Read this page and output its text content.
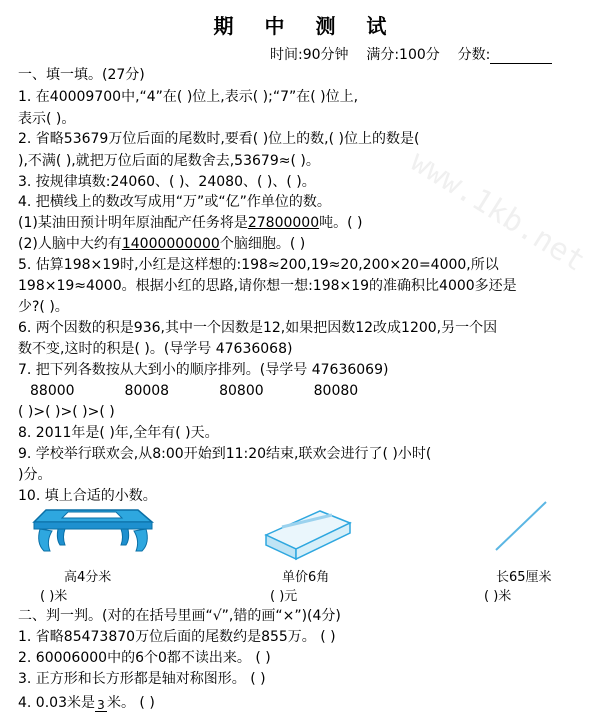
www.1kb.net
期 中 测 试
时间:90分钟 满分:100分 分数:
一、填一填。(27分)
1. 在40009700中,“4”在( )位上,表示( );“7”在( )位上,
表示( )。
2. 省略53679万位后面的尾数时,要看( )位上的数,( )位上的数是(
),不满( ),就把万位后面的尾数舍去,53679≈( )。
3. 按规律填数:24060、( )、24080、( )、( )。
4. 把横线上的数改写成用“万”或“亿”作单位的数。
(1)某油田预计明年原油配产任务将是27800000吨。( )
(2)人脑中大约有14000000000个脑细胞。( )
5. 估算198×19时,小红是这样想的:198≈200,19≈20,200×20=4000,所以
198×19≈4000。根据小红的思路,请你想一想:198×19的准确积比4000多还是
少?( )。
6. 两个因数的积是936,其中一个因数是12,如果把因数12改成1200,另一个因
数不变,这时的积是( )。(导学号 47636068)
7. 把下列各数按从大到小的顺序排列。(导学号 47636069)
88000	80008	80800	80080
( )>( )>( )>( )
8. 2011年是( )年,全年有( )天。
9. 学校举行联欢会,从8:00开始到11:20结束,联欢会进行了( )小时(
)分。
10. 填上合适的小数。
高4分米
( )米
单价6角
( )元
长65厘米
( )米
二、判一判。(对的在括号里画“√”,错的画“×”)(4分)
1. 省略85473870万位后面的尾数约是855万。 ( )
2. 60006000中的6个0都不读出来。 ( )
3. 正方形和长方形都是轴对称图形。 ( )
4. 0.03米是 3 米。 ( )
